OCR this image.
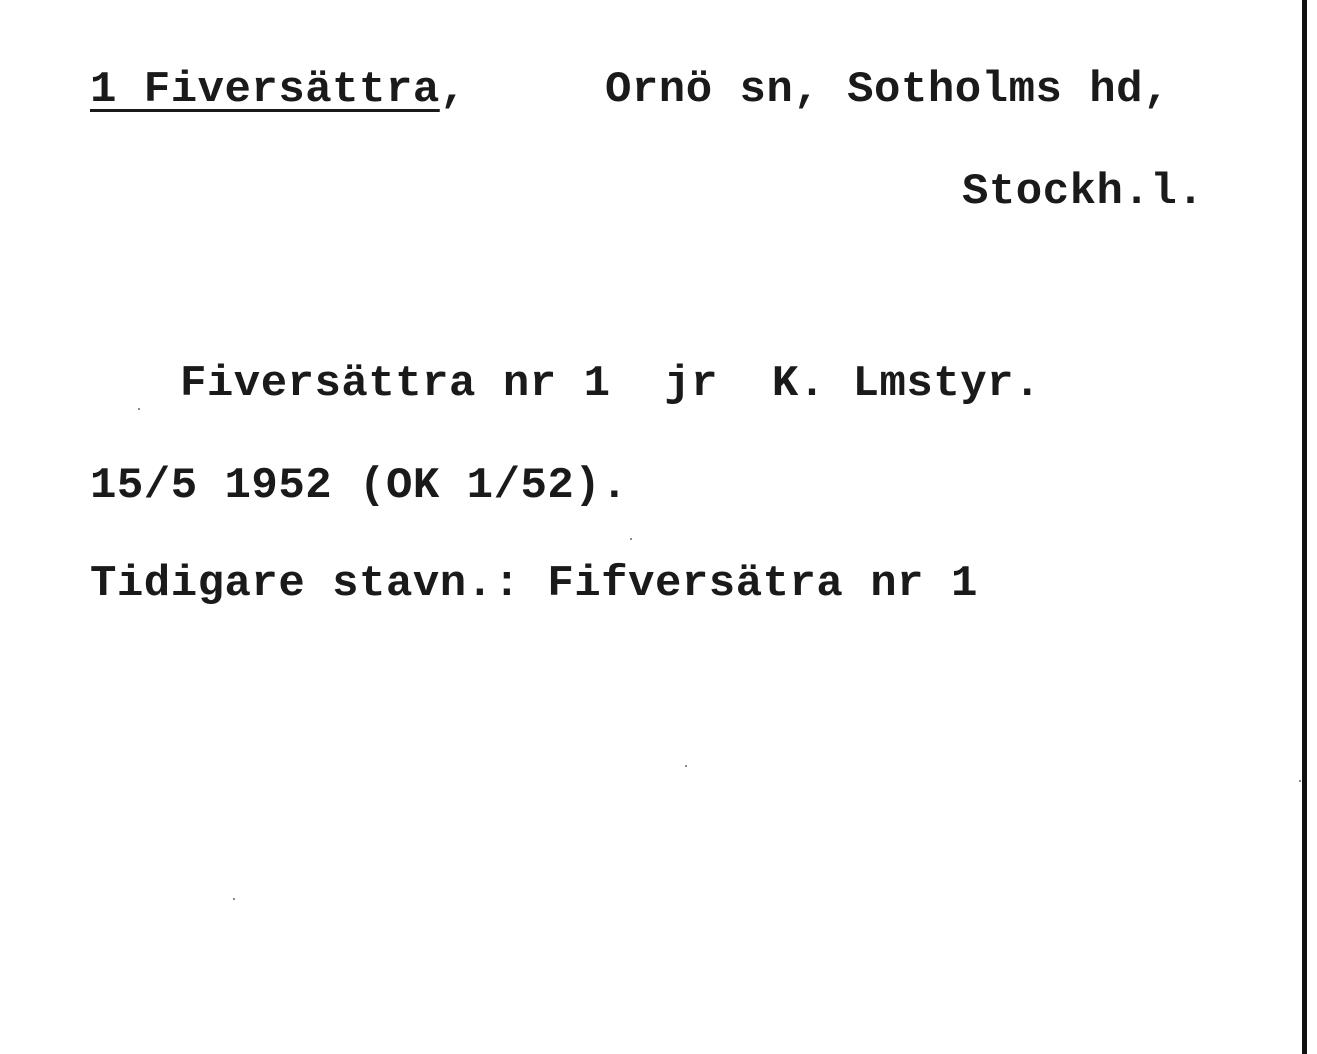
1 Fiversättra,	Ornö sn, Sotholms hd,
Stockh.l.
Fiversättra nr 1  jr  K. Lmstyr.
15/5 1952 (OK 1/52).
Tidigare stavn.: Fifversätra nr 1
